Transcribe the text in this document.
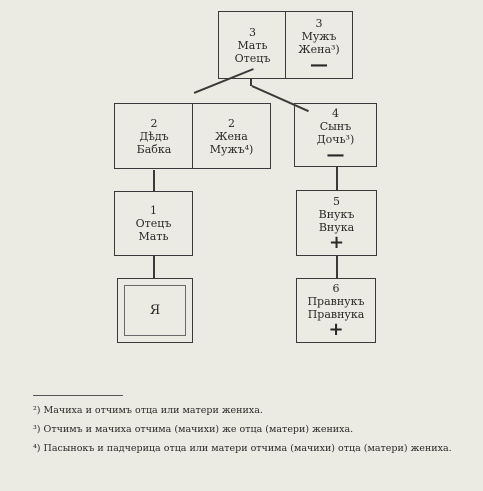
3
Мать
Отецъ
3
Мужъ
Жена³)
—
2
Дѣдъ
Бабка
2
Жена
Мужъ⁴)
4
Сынъ
Дочь³)
—
1
Отецъ
Мать
5
Внукъ
Внука
+
Я
6
Правнукъ
Правнука
+
²) Мачиха и отчимъ отца или матери жениха.
³) Отчимъ и мачиха отчима (мачихи) же отца (матери) жениха.
⁴) Пасынокъ и падчерица отца или матери отчима (мачихи) отца (матери) жениха.
